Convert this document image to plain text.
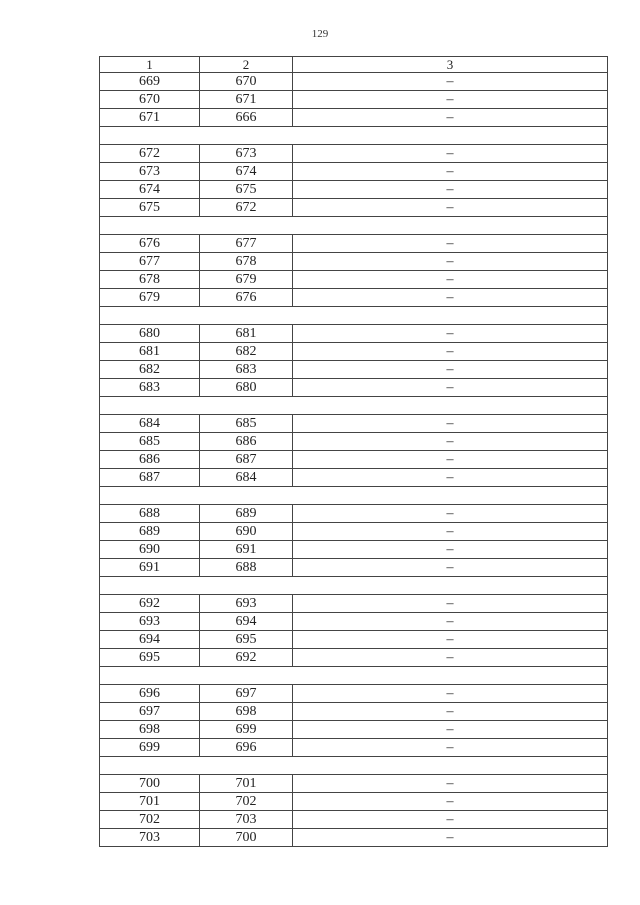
129
1	2	3
669	670	–
670	671	–
671	666	–

672	673	–
673	674	–
674	675	–
675	672	–

676	677	–
677	678	–
678	679	–
679	676	–

680	681	–
681	682	–
682	683	–
683	680	–

684	685	–
685	686	–
686	687	–
687	684	–

688	689	–
689	690	–
690	691	–
691	688	–

692	693	–
693	694	–
694	695	–
695	692	–

696	697	–
697	698	–
698	699	–
699	696	–

700	701	–
701	702	–
702	703	–
703	700	–
